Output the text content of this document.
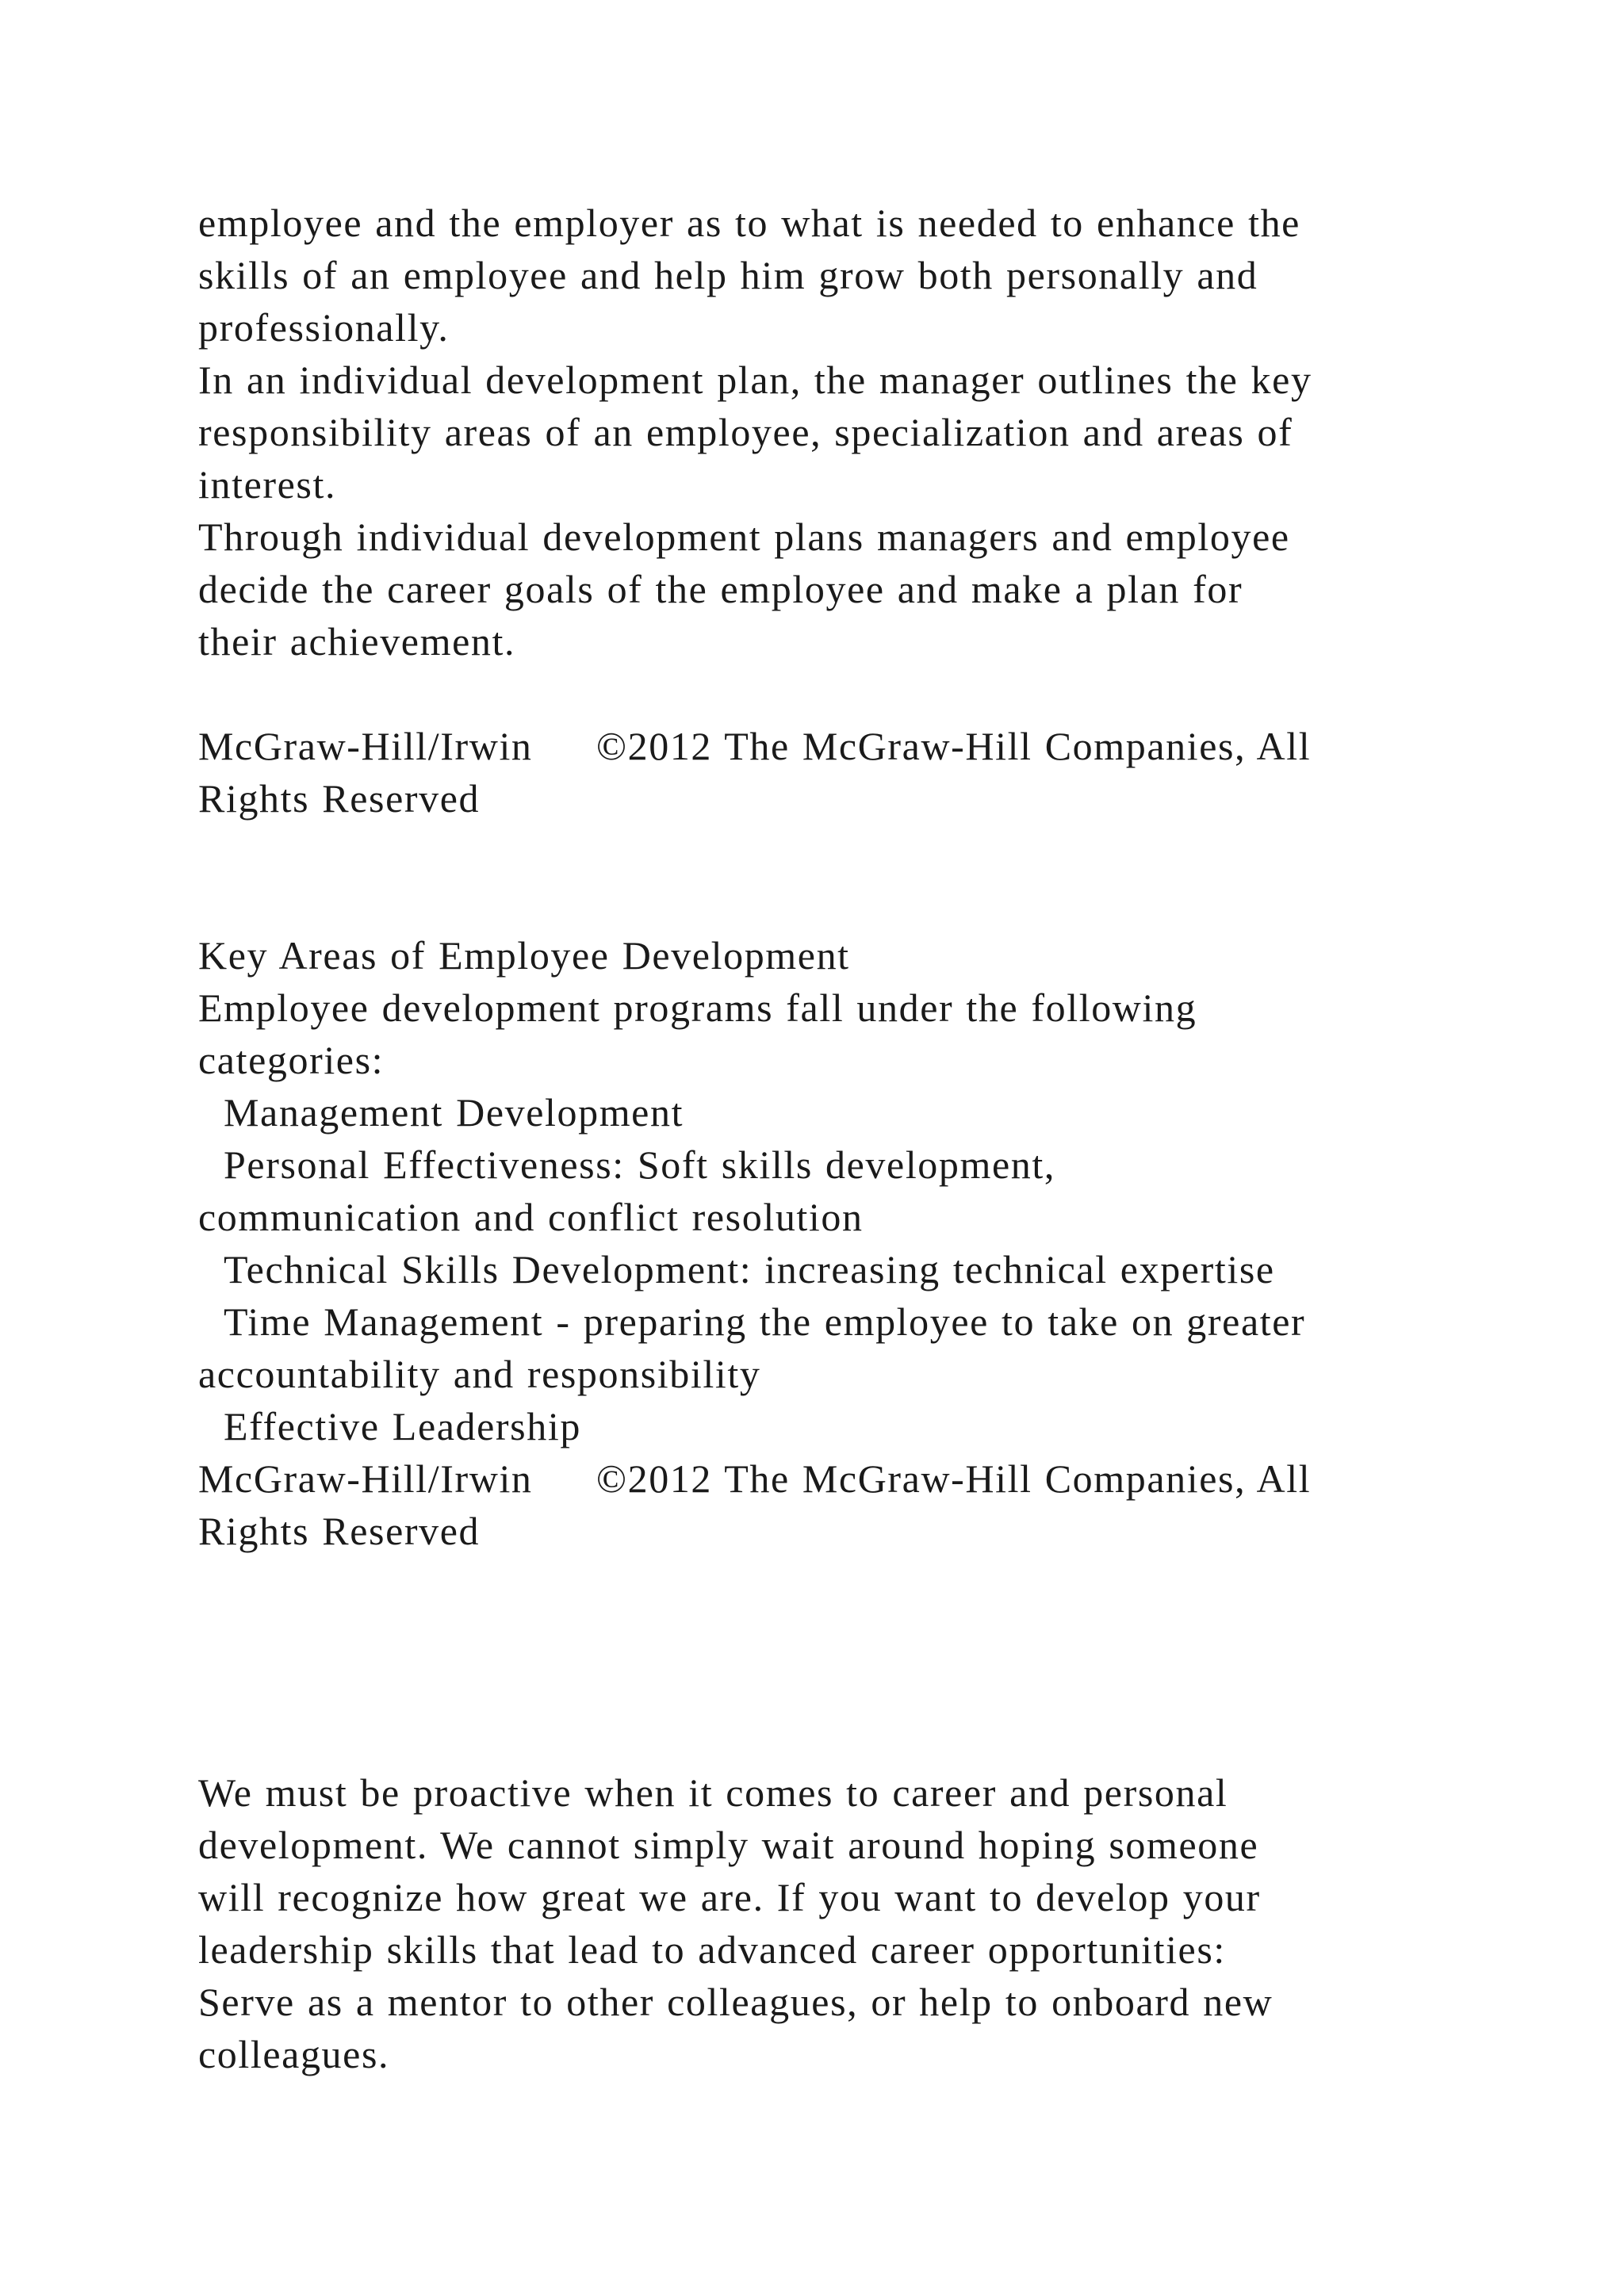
employee and the employer as to what is needed to enhance the
skills of an employee and help him grow both personally and
professionally.
In an individual development plan, the manager outlines the key
responsibility areas of an employee, specialization and areas of
interest.
Through individual development plans managers and employee
decide the career goals of the employee and make a plan for
their achievement.
McGraw-Hill/Irwin     ©2012 The McGraw-Hill Companies, All
Rights Reserved
Key Areas of Employee Development
Employee development programs fall under the following
categories:
Management Development
Personal Effectiveness: Soft skills development,
communication and conflict resolution
Technical Skills Development: increasing technical expertise
Time Management - preparing the employee to take on greater
accountability and responsibility
Effective Leadership
McGraw-Hill/Irwin     ©2012 The McGraw-Hill Companies, All
Rights Reserved
We must be proactive when it comes to career and personal
development. We cannot simply wait around hoping someone
will recognize how great we are. If you want to develop your
leadership skills that lead to advanced career opportunities:
Serve as a mentor to other colleagues, or help to onboard new
colleagues.
